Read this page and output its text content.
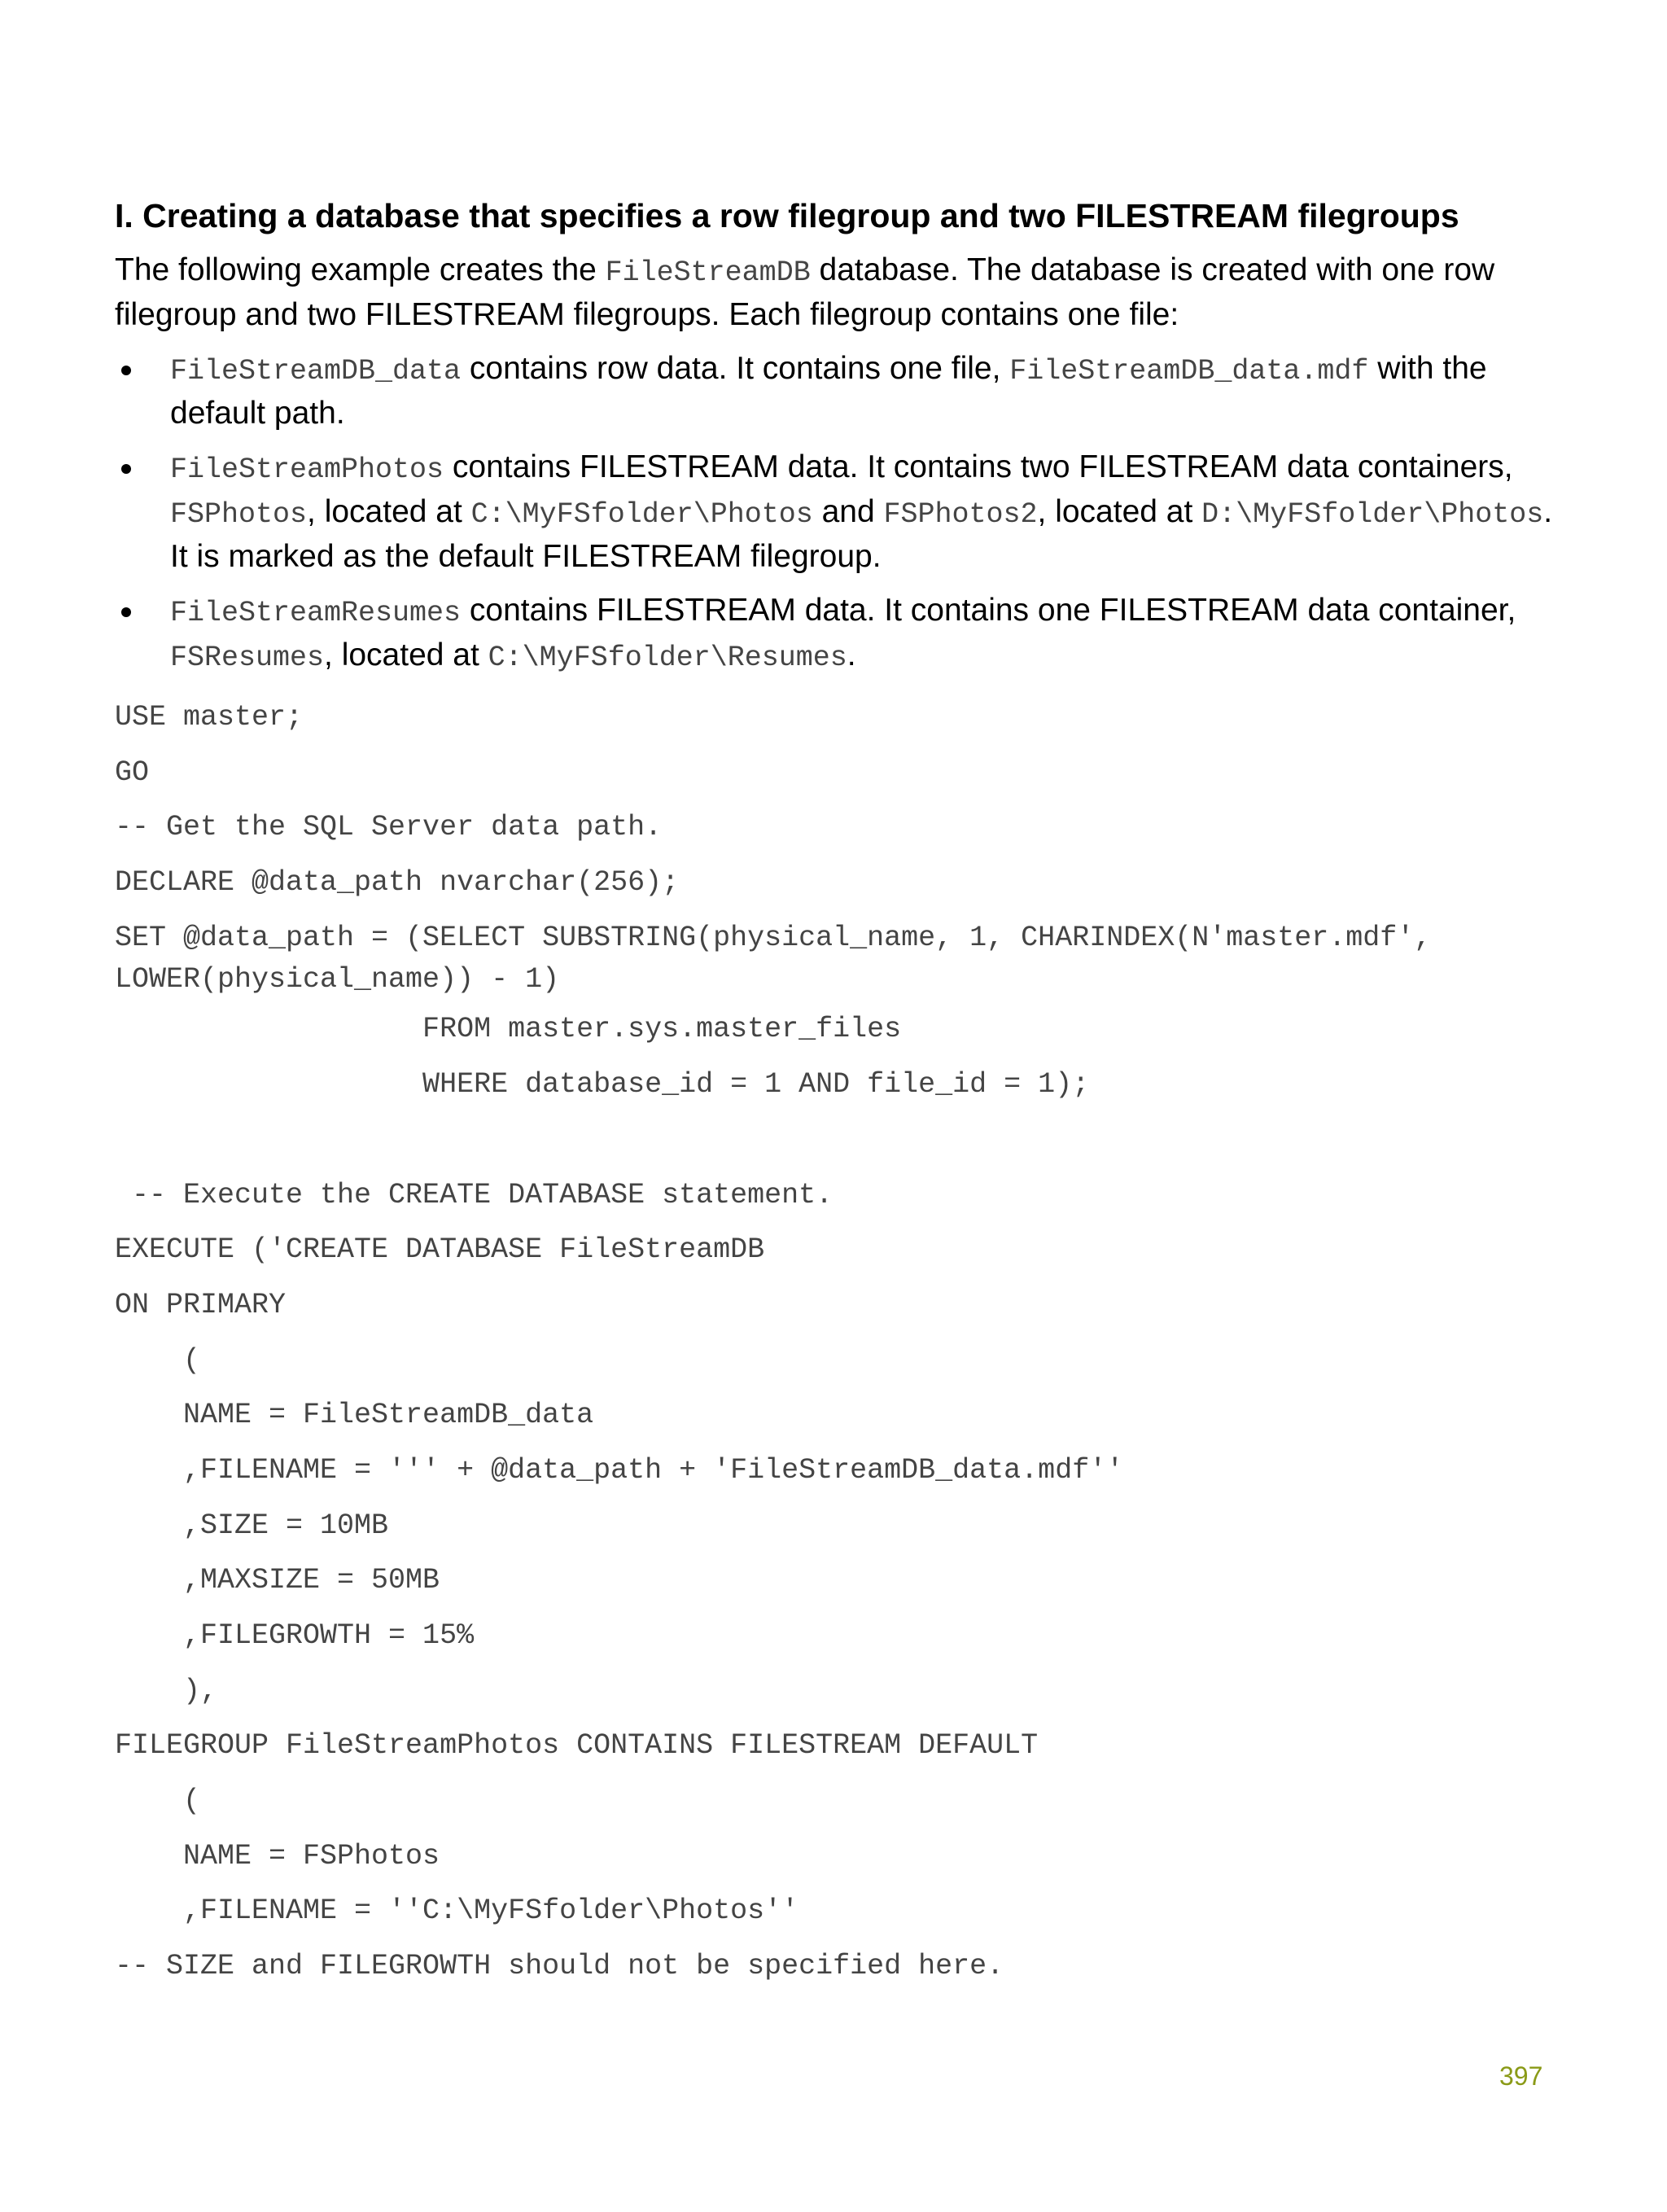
I. Creating a database that specifies a row filegroup and two FILESTREAM filegroups

The following example creates the FileStreamDB database. The database is created with one row filegroup and two FILESTREAM filegroups. Each filegroup contains one file:

FileStreamDB_data contains row data. It contains one file, FileStreamDB_data.mdf with the default path.
FileStreamPhotos contains FILESTREAM data. It contains two FILESTREAM data containers, FSPhotos, located at C:\MyFSfolder\Photos and FSPhotos2, located at D:\MyFSfolder\Photos. It is marked as the default FILESTREAM filegroup.
FileStreamResumes contains FILESTREAM data. It contains one FILESTREAM data container, FSResumes, located at C:\MyFSfolder\Resumes.
USE master;
GO
-- Get the SQL Server data path.
DECLARE @data_path nvarchar(256);
SET @data_path = (SELECT SUBSTRING(physical_name, 1, CHARINDEX(N'master.mdf',
LOWER(physical_name)) - 1)
FROM master.sys.master_files
WHERE database_id = 1 AND file_id = 1);
-- Execute the CREATE DATABASE statement.
EXECUTE ('CREATE DATABASE FileStreamDB
ON PRIMARY
(
NAME = FileStreamDB_data
,FILENAME = ''' + @data_path + 'FileStreamDB_data.mdf''
,SIZE = 10MB
,MAXSIZE = 50MB
,FILEGROWTH = 15%
),
FILEGROUP FileStreamPhotos CONTAINS FILESTREAM DEFAULT
(
NAME = FSPhotos
,FILENAME = ''C:\MyFSfolder\Photos''
-- SIZE and FILEGROWTH should not be specified here.
397
